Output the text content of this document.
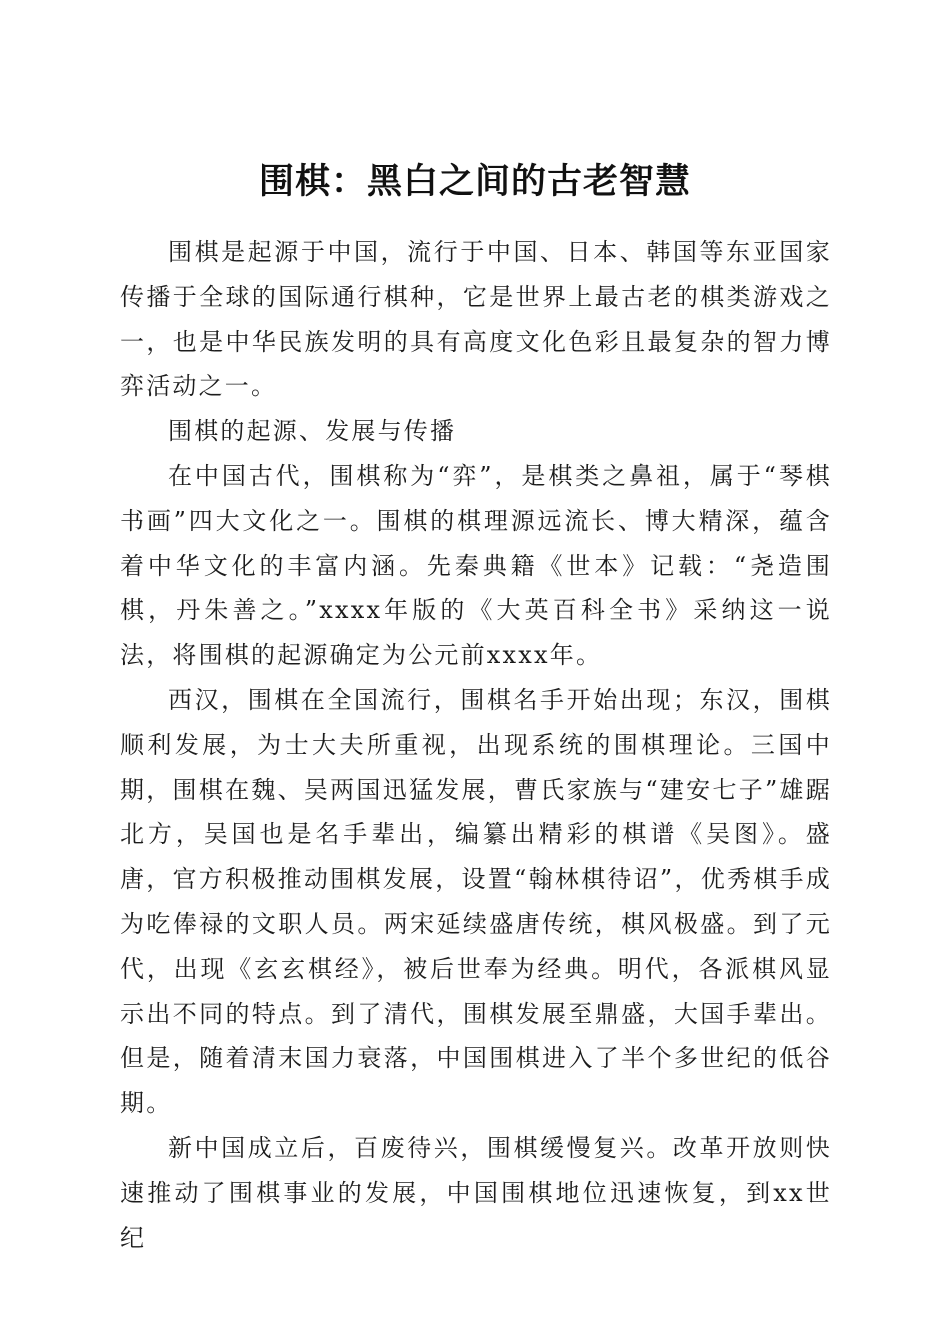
围棋：黑白之间的古老智慧

围棋是起源于中国，流行于中国、日本、韩国等东亚国家传播于全球的国际通行棋种，它是世界上最古老的棋类游戏之一，也是中华民族发明的具有高度文化色彩且最复杂的智力博弈活动之一。

围棋的起源、发展与传播

在中国古代，围棋称为“弈”，是棋类之鼻祖，属于“琴棋书画”四大文化之一。围棋的棋理源远流长、博大精深，蕴含着中华文化的丰富内涵。先秦典籍《世本》记载：“尧造围棋，丹朱善之。”xxxx年版的《大英百科全书》采纳这一说法，将围棋的起源确定为公元前xxxx年。

西汉，围棋在全国流行，围棋名手开始出现；东汉，围棋顺利发展，为士大夫所重视，出现系统的围棋理论。三国中期，围棋在魏、吴两国迅猛发展，曹氏家族与“建安七子”雄踞北方，吴国也是名手辈出，编纂出精彩的棋谱《吴图》。盛唐，官方积极推动围棋发展，设置“翰林棋待诏”，优秀棋手成为吃俸禄的文职人员。两宋延续盛唐传统，棋风极盛。到了元代，出现《玄玄棋经》，被后世奉为经典。明代，各派棋风显示出不同的特点。到了清代，围棋发展至鼎盛，大国手辈出。但是，随着清末国力衰落，中国围棋进入了半个多世纪的低谷期。

新中国成立后，百废待兴，围棋缓慢复兴。改革开放则快速推动了围棋事业的发展，中国围棋地位迅速恢复，到xx世纪
